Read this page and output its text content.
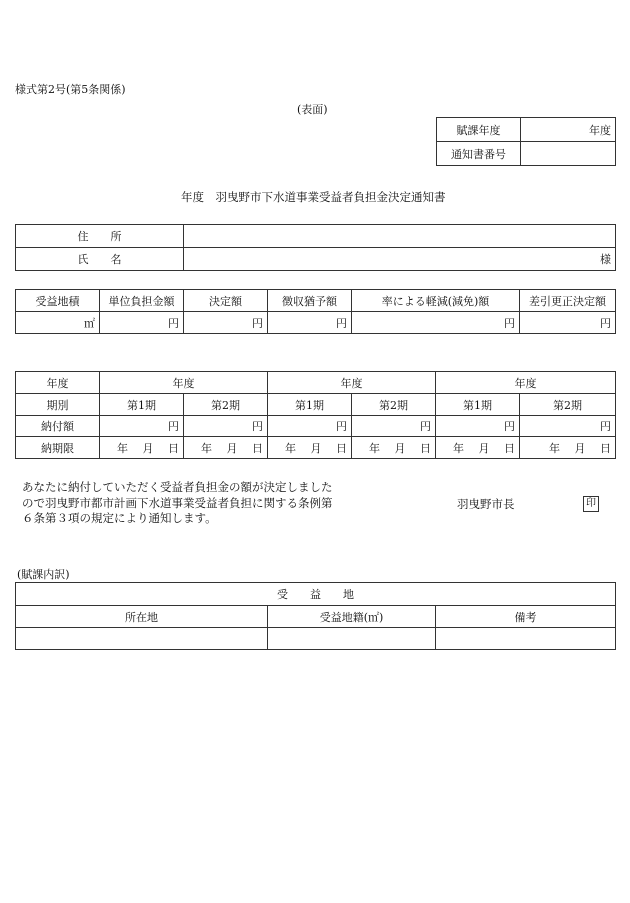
様式第2号(第5条関係)
(表面)
賦課年度	年度
通知書番号	
年度　羽曳野市下水道事業受益者負担金決定通知書
住　　所	
氏　　名	様
受益地積	単位負担金額	決定額	徴収猶予額	率による軽減(減免)額	差引更正決定額
㎡	円	円	円	円	円
年度	年度		年度		年度	
期別	第1期	第2期	第1期	第2期	第1期	第2期
納付額	円	円	円	円	円	円
納期限	年　 月　 日	年　 月　 日	年　 月　 日	年　 月　 日	年　 月　 日	年　 月　 日
あなたに納付していただく受益者負担金の額が決定しました
ので羽曳野市都市計画下水道事業受益者負担に関する条例第
６条第３項の規定により通知します。
羽曳野市長	印
(賦課内訳)
受　　益　　地		
所在地	受益地籍(㎡)	備考
